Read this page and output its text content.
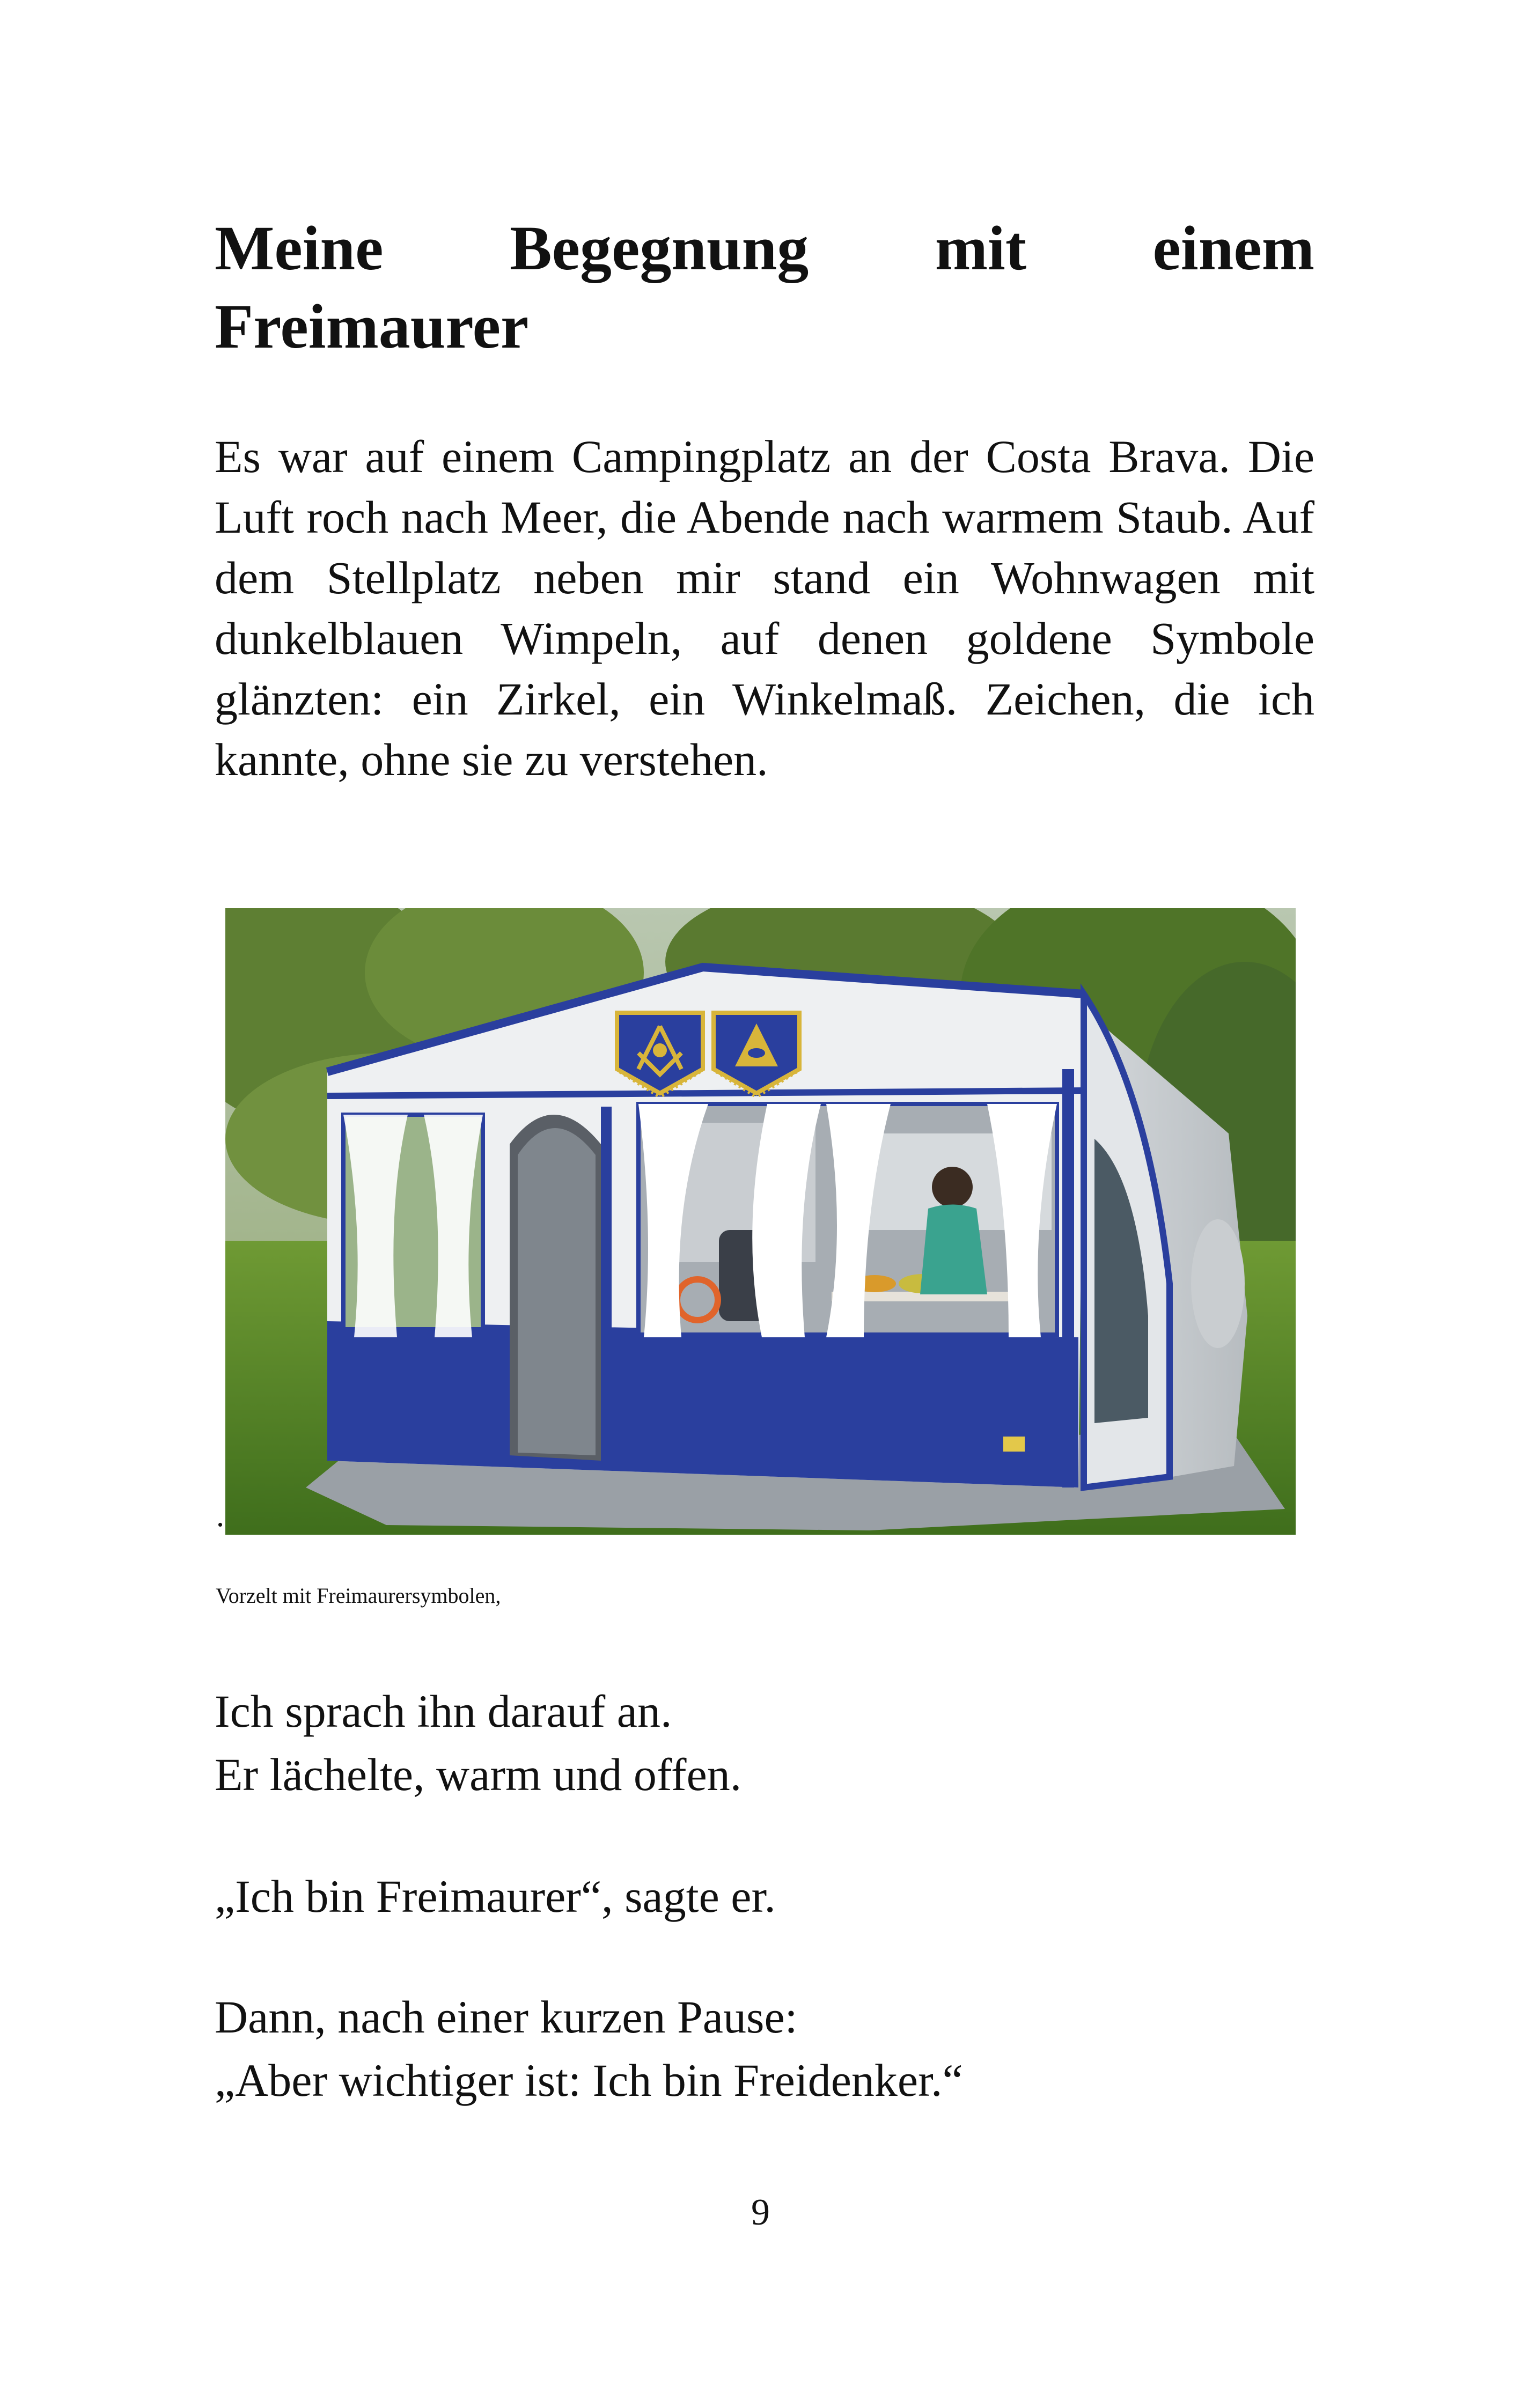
Meine Begegnung mit einem
Freimaurer

Es war auf einem Campingplatz an der Costa Brava. Die Luft roch nach Meer, die Abende nach warmem Staub. Auf dem Stellplatz neben mir stand ein Wohnwagen mit dunkelblauen Wimpeln, auf denen goldene Symbole glänzten: ein Zirkel, ein Winkelmaß. Zeichen, die ich kannte, ohne sie zu verstehen.

.
Vorzelt mit Freimaurersymbolen,

Ich sprach ihn darauf an.

Er lächelte, warm und offen.

„Ich bin Freimaurer“, sagte er.

Dann, nach einer kurzen Pause:

„Aber wichtiger ist: Ich bin Freidenker.“

9
